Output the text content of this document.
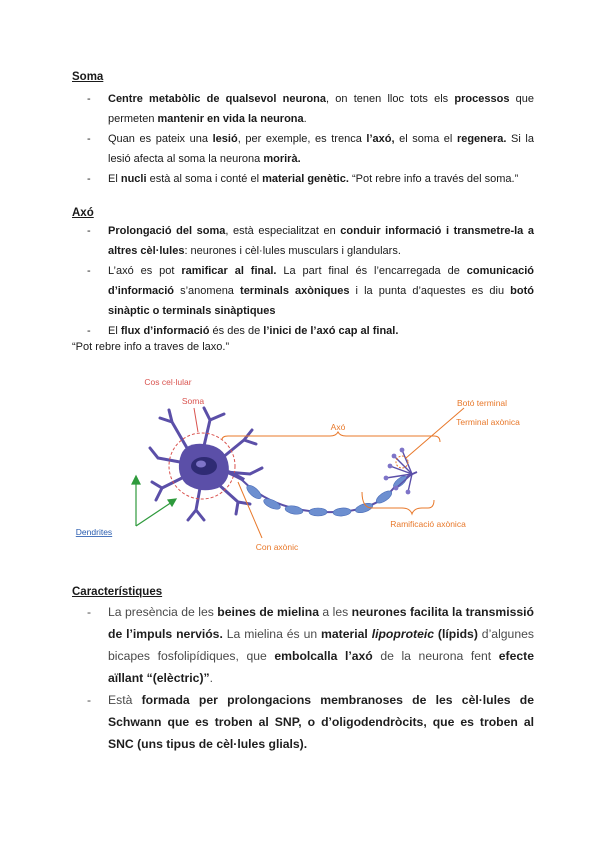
Soma
- Centre metabòlic de qualsevol neurona, on tenen lloc tots els processos que permeten mantenir en vida la neurona.
- Quan es pateix una lesió, per exemple, es trenca l’axó, el soma el regenera. Si la lesió afecta al soma la neurona morirà.
- El nucli està al soma i conté el material genètic. “Pot rebre info a través del soma.”
Axó
- Prolongació del soma, està especialitzat en conduir informació i transmetre-la a altres cèl·lules: neurones i cèl·lules musculars i glandulars.
- L’axó es pot ramificar al final. La part final és l’encarregada de comunicació d’informació s’anomena terminals axòniques i la punta d’aquestes es diu botó sinàptic o terminals sinàptiques
- El flux d’informació és des de l’inici de l’axó cap al final.
“Pot rebre info a traves de laxo.”
Cos cel·lular
Soma
Axó
Botó terminal
Terminal axònica
Dendrites
Con axònic
Ramificació axònica
Característiques
- La presència de les beines de mielina a les neurones facilita la transmissió de l’impuls nerviós. La mielina és un material lipoproteic (lípids) d’algunes bicapes fosfolipídiques, que embolcalla l’axó de la neurona fent efecte aïllant “(elèctric)”.
- Està formada per prolongacions membranoses de les cèl·lules de Schwann que es troben al SNP, o d’oligodendròcits, que es troben al SNC (uns tipus de cèl·lules glials).
